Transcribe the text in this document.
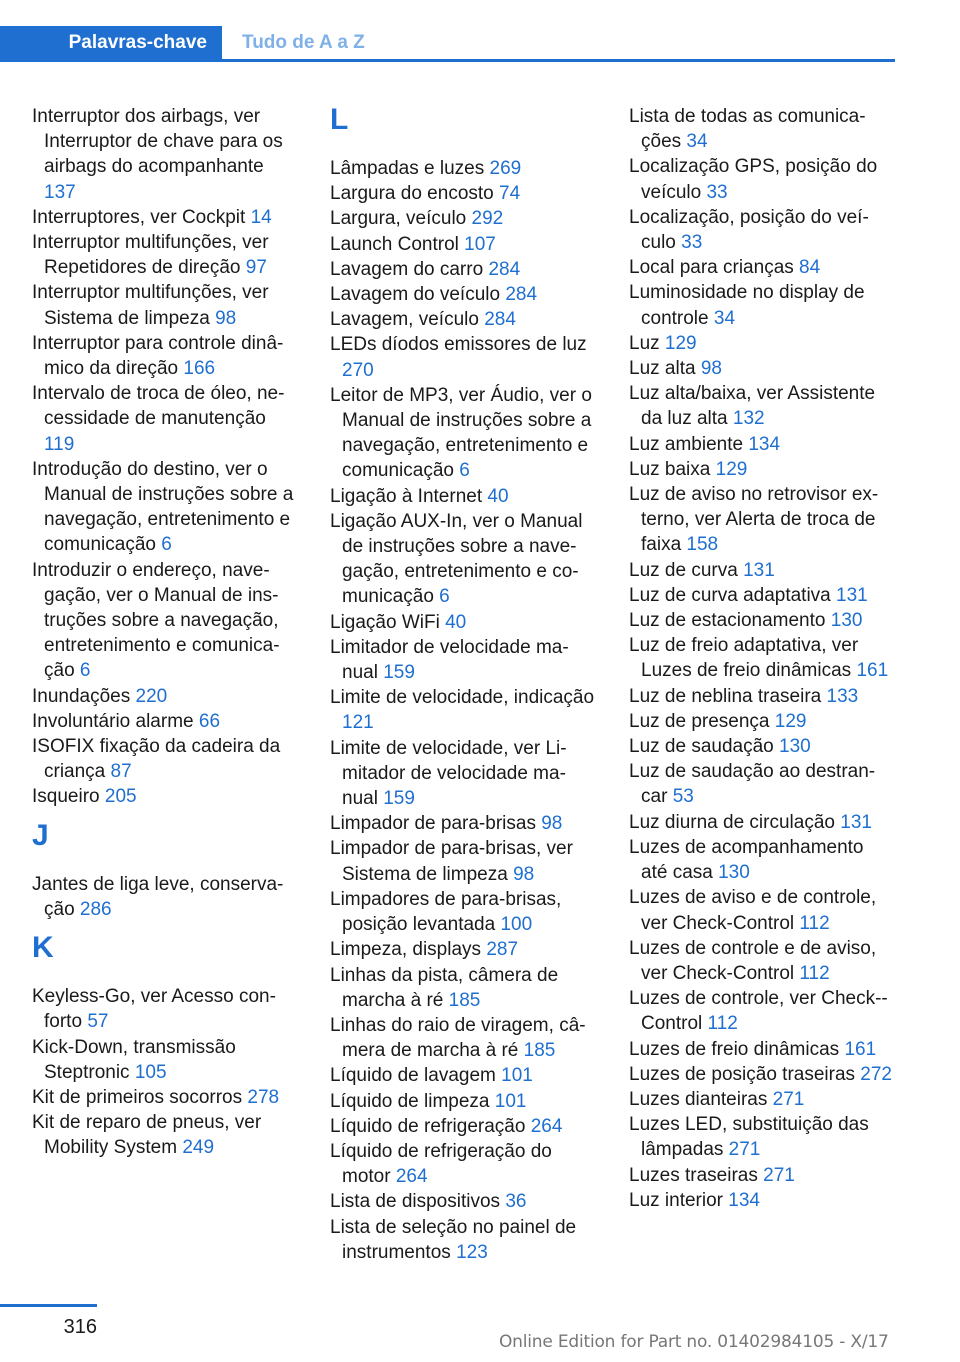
Palavras-chave	Tudo de A a Z
Interruptor dos airbags, ver Interruptor de chave para os airbags do acompanhante 137
Interruptores, ver Cockpit 14
Interruptor multifunções, ver Repetidores de direção 97
Interruptor multifunções, ver Sistema de limpeza 98
Interruptor para controle dinâmico da direção 166
Intervalo de troca de óleo, necessidade de manutenção 119
Introdução do destino, ver o Manual de instruções sobre a navegação, entretenimento e comunicação 6
Introduzir o endereço, navegação, ver o Manual de instruções sobre a navegação, entretenimento e comunicação 6
Inundações 220
Involuntário alarme 66
ISOFIX fixação da cadeira da criança 87
Isqueiro 205
J
Jantes de liga leve, conservação 286
K
Keyless-Go, ver Acesso conforto 57
Kick-Down, transmissão Steptronic 105
Kit de primeiros socorros 278
Kit de reparo de pneus, ver Mobility System 249
L
Lâmpadas e luzes 269
Largura do encosto 74
Largura, veículo 292
Launch Control 107
Lavagem do carro 284
Lavagem do veículo 284
Lavagem, veículo 284
LEDs díodos emissores de luz 270
Leitor de MP3, ver Áudio, ver o Manual de instruções sobre a navegação, entretenimento e comunicação 6
Ligação à Internet 40
Ligação AUX-In, ver o Manual de instruções sobre a navegação, entretenimento e comunicação 6
Ligação WiFi 40
Limitador de velocidade manual 159
Limite de velocidade, indicação 121
Limite de velocidade, ver Limitador de velocidade manual 159
Limpador de para-brisas 98
Limpador de para-brisas, ver Sistema de limpeza 98
Limpadores de para-brisas, posição levantada 100
Limpeza, displays 287
Linhas da pista, câmera de marcha à ré 185
Linhas do raio de viragem, câmera de marcha à ré 185
Líquido de lavagem 101
Líquido de limpeza 101
Líquido de refrigeração 264
Líquido de refrigeração do motor 264
Lista de dispositivos 36
Lista de seleção no painel de instrumentos 123
Lista de todas as comunicações 34
Localização GPS, posição do veículo 33
Localização, posição do veículo 33
Local para crianças 84
Luminosidade no display de controle 34
Luz 129
Luz alta 98
Luz alta/baixa, ver Assistente da luz alta 132
Luz ambiente 134
Luz baixa 129
Luz de aviso no retrovisor externo, ver Alerta de troca de faixa 158
Luz de curva 131
Luz de curva adaptativa 131
Luz de estacionamento 130
Luz de freio adaptativa, ver Luzes de freio dinâmicas 161
Luz de neblina traseira 133
Luz de presença 129
Luz de saudação 130
Luz de saudação ao destrancar 53
Luz diurna de circulação 131
Luzes de acompanhamento até casa 130
Luzes de aviso e de controle, ver Check-Control 112
Luzes de controle e de aviso, ver Check-Control 112
Luzes de controle, ver Check-Control 112
Luzes de freio dinâmicas 161
Luzes de posição traseiras 272
Luzes dianteiras 271
Luzes LED, substituição das lâmpadas 271
Luzes traseiras 271
Luz interior 134
316
Online Edition for Part no. 01402984105 - X/17
